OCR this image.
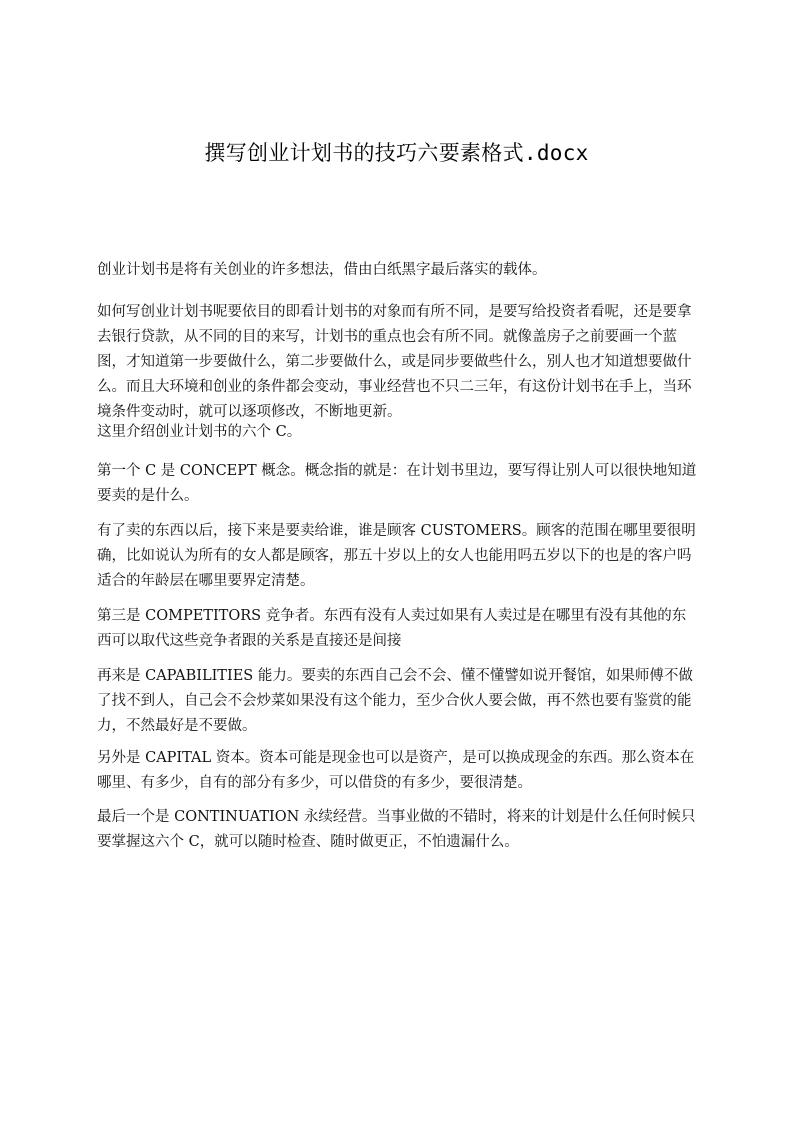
撰写创业计划书的技巧六要素格式.docx

创业计划书是将有关创业的许多想法，借由白纸黑字最后落实的载体。

如何写创业计划书呢要依目的即看计划书的对象而有所不同，是要写给投资者看呢，还是要拿去银行贷款，从不同的目的来写，计划书的重点也会有所不同。就像盖房子之前要画一个蓝图，才知道第一步要做什么，第二步要做什么，或是同步要做些什么，别人也才知道想要做什么。而且大环境和创业的条件都会变动，事业经营也不只二三年，有这份计划书在手上，当环境条件变动时，就可以逐项修改，不断地更新。

这里介绍创业计划书的六个 C。

第一个 C 是 CONCEPT 概念。概念指的就是：在计划书里边，要写得让别人可以很快地知道要卖的是什么。

有了卖的东西以后，接下来是要卖给谁，谁是顾客 CUSTOMERS。顾客的范围在哪里要很明确，比如说认为所有的女人都是顾客，那五十岁以上的女人也能用吗五岁以下的也是的客户吗适合的年龄层在哪里要界定清楚。

第三是 COMPETITORS 竞争者。东西有没有人卖过如果有人卖过是在哪里有没有其他的东西可以取代这些竞争者跟的关系是直接还是间接

再来是 CAPABILITIES 能力。要卖的东西自己会不会、懂不懂譬如说开餐馆，如果师傅不做了找不到人，自己会不会炒菜如果没有这个能力，至少合伙人要会做，再不然也要有鉴赏的能力，不然最好是不要做。

另外是 CAPITAL 资本。资本可能是现金也可以是资产，是可以换成现金的东西。那么资本在哪里、有多少，自有的部分有多少，可以借贷的有多少，要很清楚。

最后一个是 CONTINUATION 永续经营。当事业做的不错时，将来的计划是什么任何时候只要掌握这六个 C，就可以随时检查、随时做更正，不怕遗漏什么。
